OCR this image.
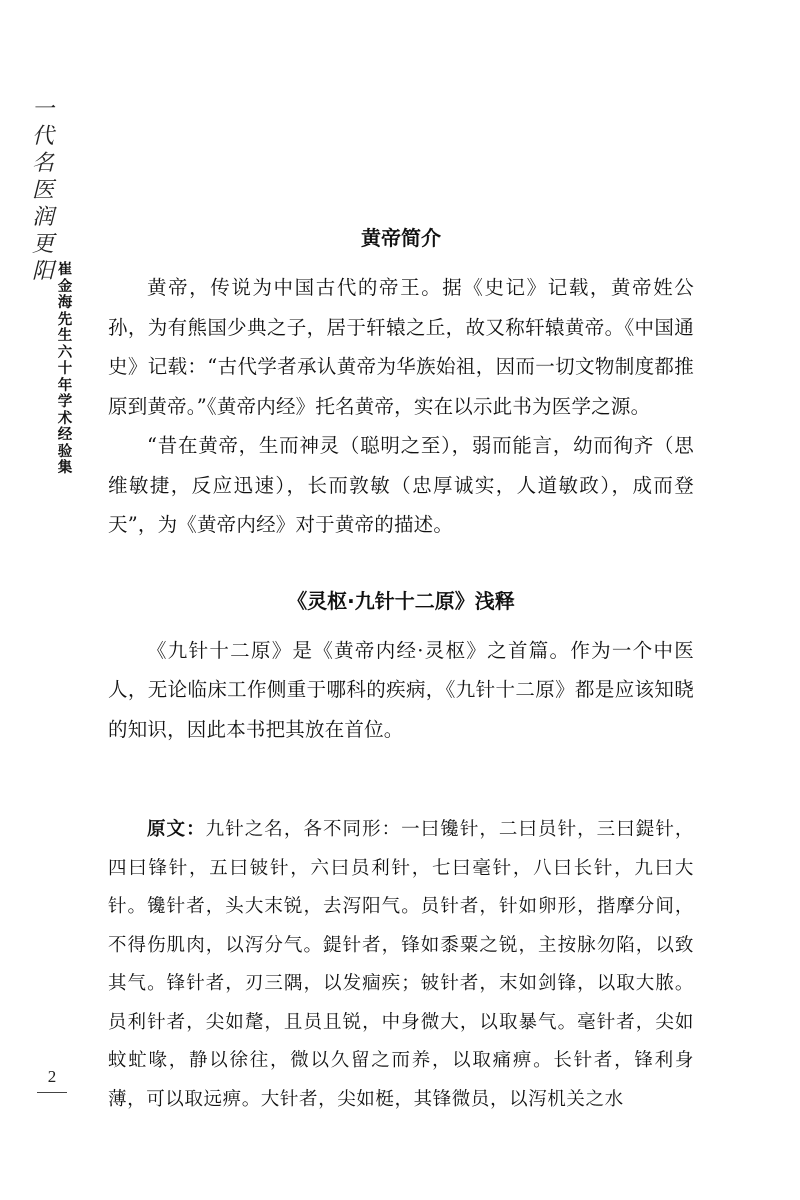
一
代
名
医
润
更
阳 崔
金
海
先
生
六
十
年
学
术
经
验
集
2
黄帝简介

黄帝，传说为中国古代的帝王。据《史记》记载，黄帝姓公孙，为有熊国少典之子，居于轩辕之丘，故又称轩辕黄帝。《中国通史》记载：“古代学者承认黄帝为华族始祖，因而一切文物制度都推原到黄帝。”《黄帝内经》托名黄帝，实在以示此书为医学之源。

“昔在黄帝，生而神灵（聪明之至），弱而能言，幼而徇齐（思维敏捷，反应迅速），长而敦敏（忠厚诚实，人道敏政），成而登天”，为《黄帝内经》对于黄帝的描述。

《灵枢·九针十二原》浅释

《九针十二原》是《黄帝内经·灵枢》之首篇。作为一个中医人，无论临床工作侧重于哪科的疾病，《九针十二原》都是应该知晓的知识，因此本书把其放在首位。

原文：九针之名，各不同形：一曰镵针，二曰员针，三曰鍉针，四曰锋针，五曰铍针，六曰员利针，七曰毫针，八曰长针，九曰大针。镵针者，头大末锐，去泻阳气。员针者，针如卵形，揩摩分间，不得伤肌肉，以泻分气。鍉针者，锋如黍粟之锐，主按脉勿陷，以致其气。锋针者，刃三隅，以发痼疾；铍针者，末如剑锋，以取大脓。员利针者，尖如氂，且员且锐，中身微大，以取暴气。毫针者，尖如蚊虻喙，静以徐往，微以久留之而养，以取痛痹。长针者，锋利身薄，可以取远痹。大针者，尖如梃，其锋微员，以泻机关之水
